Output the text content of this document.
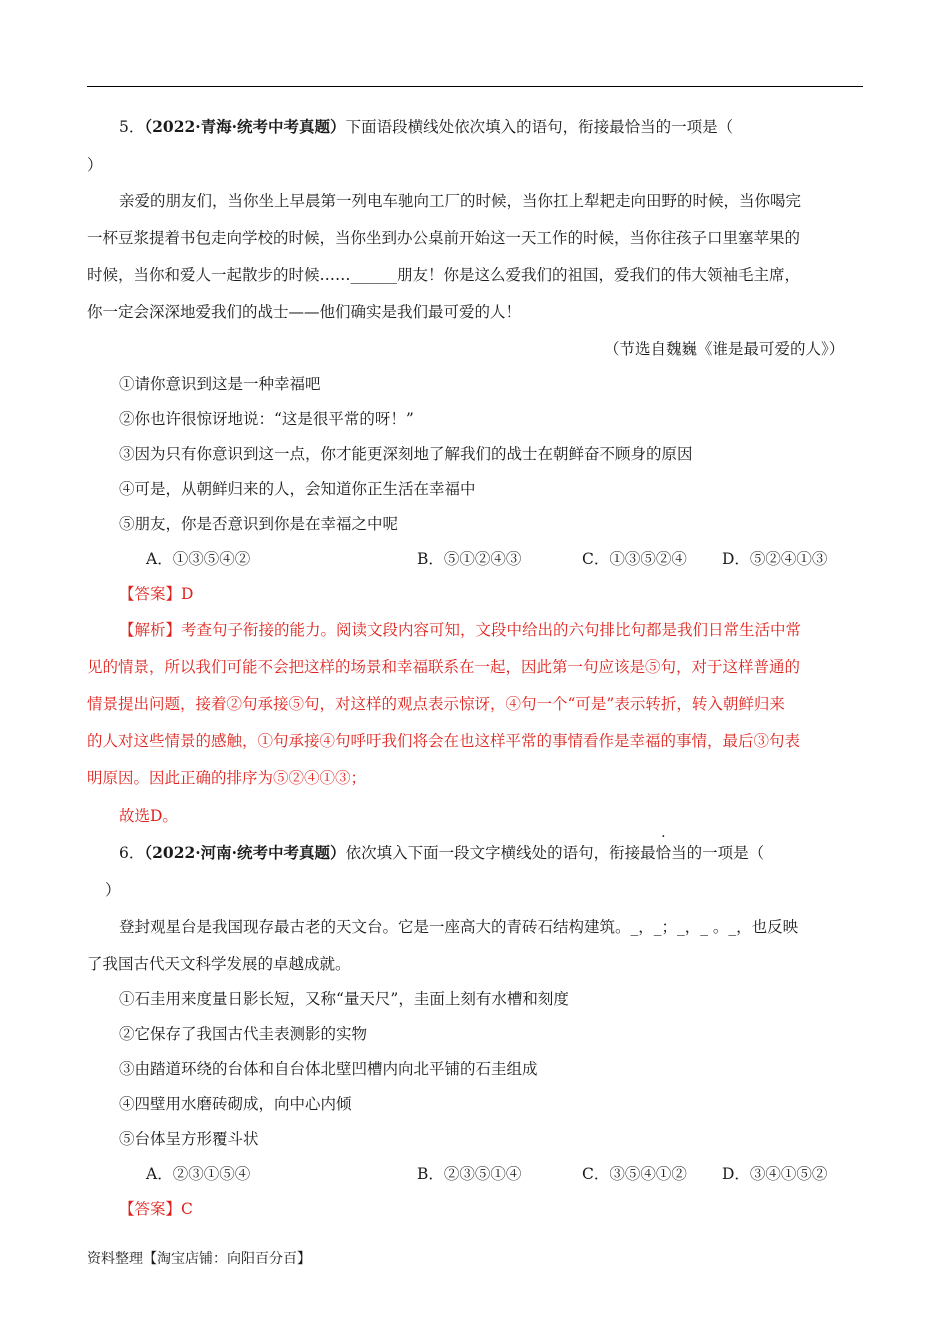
5．（2022·青海·统考中考真题）下面语段横线处依次填入的语句，衔接最恰当的一项是（
）
亲爱的朋友们，当你坐上早晨第一列电车驰向工厂的时候，当你扛上犁耙走向田野的时候，当你喝完
一杯豆浆提着书包走向学校的时候，当你坐到办公桌前开始这一天工作的时候，当你往孩子口里塞苹果的
时候，当你和爱人一起散步的时候……______朋友！你是这么爱我们的祖国，爱我们的伟大领袖毛主席，
你一定会深深地爱我们的战士——他们确实是我们最可爱的人！
（节选自魏巍《谁是最可爱的人》）
①请你意识到这是一种幸福吧
②你也许很惊讶地说：“这是很平常的呀！”
③因为只有你意识到这一点，你才能更深刻地了解我们的战士在朝鲜奋不顾身的原因
④可是，从朝鲜归来的人，会知道你正生活在幸福中
⑤朋友，你是否意识到你是在幸福之中呢
A．①③⑤④②	B．⑤①②④③	C．①③⑤②④ D．⑤②④①③
【答案】D
【解析】考查句子衔接的能力。阅读文段内容可知，文段中给出的六句排比句都是我们日常生活中常
见的情景，所以我们可能不会把这样的场景和幸福联系在一起，因此第一句应该是⑤句，对于这样普通的
情景提出问题，接着②句承接⑤句，对这样的观点表示惊讶，④句一个“可是”表示转折，转入朝鲜归来
的人对这些情景的感触，①句承接④句呼吁我们将会在也这样平常的事情看作是幸福的事情，最后③句表
明原因。因此正确的排序为⑤②④①③；
故选D。
6．（2022·河南·统考中考真题）依次填入下面一段文字横线处的语句，衔接最恰当的一项是（
）
登封观星台是我国现存最古老的天文台。它是一座高大的青砖石结构建筑。_，_；_，_ 。_，也反映
了我国古代天文科学发展的卓越成就。
①石圭用来度量日影长短，又称“量天尺”，圭面上刻有水槽和刻度
②它保存了我国古代圭表测影的实物
③由踏道环绕的台体和自台体北壁凹槽内向北平铺的石圭组成
④四壁用水磨砖砌成，向中心内倾
⑤台体呈方形覆斗状
A．②③①⑤④	B．②③⑤①④	C．③⑤④①② D．③④①⑤②
【答案】C
资料整理【淘宝店铺：向阳百分百】
